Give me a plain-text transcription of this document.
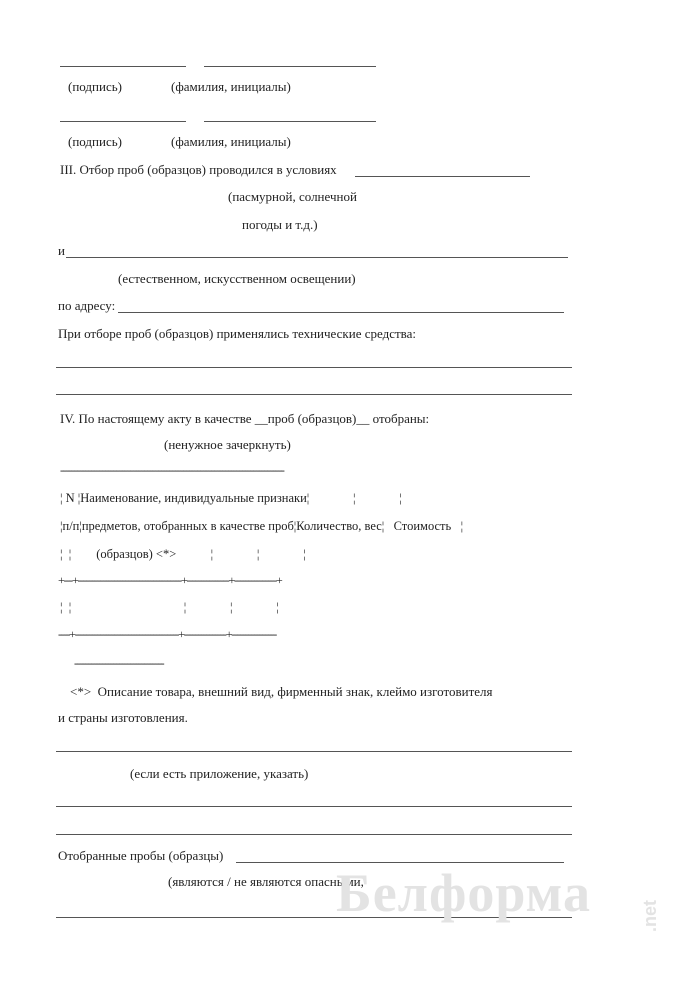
(подпись)	(фамилия, инициалы)
(подпись)	(фамилия, инициалы)
III. Отбор проб (образцов) проводился в условиях
(пасмурной, солнечной
погоды и т.д.)
и
(естественном, искусственном освещении)
по адресу:
При отборе проб (образцов) применялись технические средства:
IV. По настоящему акту в качестве __проб (образцов)__ отобраны:
(ненужное зачеркнуть)
--------------------------------------------------------------------------------
¦ N ¦Наименование, индивидуальные признаки¦              ¦              ¦
¦п/п¦предметов, отобранных в качестве проб¦Количество, вес¦   Стоимость   ¦
¦  ¦        (образцов) <*>           ¦              ¦              ¦
+---+-------------------------------------+---------------+---------------+
¦  ¦                                    ¦              ¦              ¦
----+-------------------------------------+---------------+----------------
--------------------------------
<*>  Описание товара, внешний вид, фирменный знак, клеймо изготовителя
и страны изготовления.
(если есть приложение, указать)
Отобранные пробы (образцы)
(являются / не являются опасными,
Белформа	.net
